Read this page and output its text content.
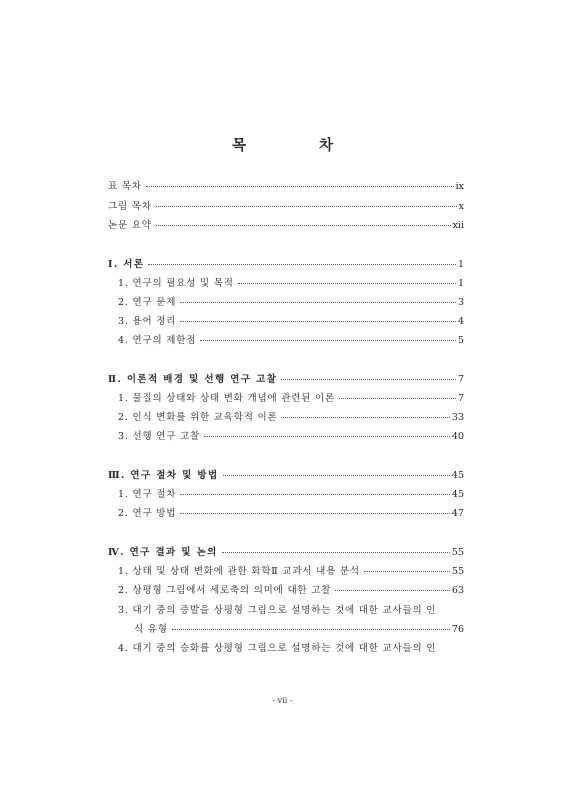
목 차
표 목차	ix
그림 목차	x
논문 요약	xii
Ⅰ. 서론	1
1. 연구의 필요성 및 목적	1
2. 연구 문제	3
3. 용어 정리	4
4. 연구의 제한점	5
Ⅱ. 이론적 배경 및 선행 연구 고찰	7
1. 물질의 상태와 상태 변화 개념에 관련된 이론	7
2. 인식 변화를 위한 교육학적 이론	33
3. 선행 연구 고찰	40
Ⅲ. 연구 절차 및 방법	45
1. 연구 절차	45
2. 연구 방법	47
Ⅳ. 연구 결과 및 논의	55
1. 상태 및 상태 변화에 관한 화학Ⅱ 교과서 내용 분석	55
2. 상평형 그림에서 세로축의 의미에 대한 고찰	63
3. 대기 중의 증발을 상평형 그림으로 설명하는 것에 대한 교사들의 인
식 유형	76
4. 대기 중의 승화를 상평형 그림으로 설명하는 것에 대한 교사들의 인
- vii -
